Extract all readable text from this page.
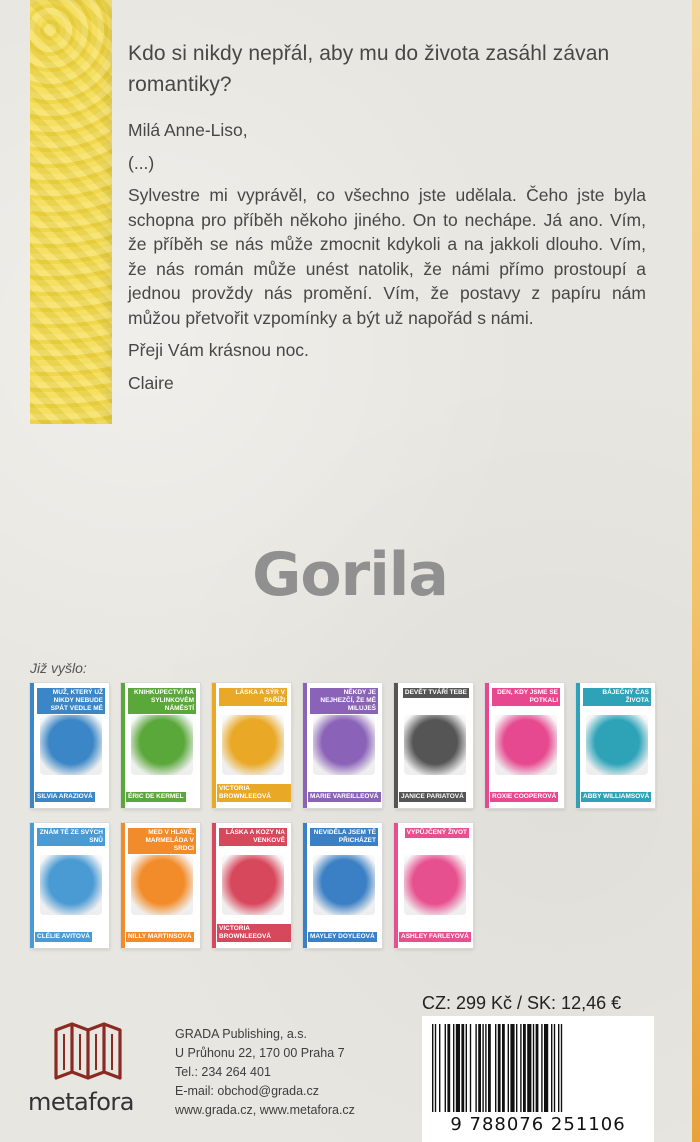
Kdo si nikdy nepřál, aby mu do života zasáhl závan romantiky?

Milá Anne-Liso,

(...)

Sylvestre mi vyprávěl, co všechno jste udělala. Čeho jste byla schopna pro příběh někoho jiného. On to nechápe. Já ano. Vím, že příběh se nás může zmocnit kdykoli a na jakkoli dlouho. Vím, že nás román může unést natolik, že námi přímo prostoupí a jednou provždy nás promění. Vím, že postavy z papíru nám můžou přetvořit vzpomínky a být už napořád s námi.

Přeji Vám krásnou noc.

Claire

Gorila
Již vyšlo:
MUŽ, KTERÝ UŽ NIKDY NEBUDE SPÁT VEDLE MĚ
SILVIA ARAZIOVÁ
KNIHKUPECTVÍ NA SYLINKOVÉM NÁMĚSTÍ
ÉRIC DE KERMEL
LÁSKA A SÝR V PAŘÍŽI
VICTORIA BROWNLEEOVÁ
NĚKDY JE NEJHEZČÍ, ŽE MĚ MILUJEŠ
MARIE VAREILLEOVÁ
DEVĚT TVÁŘÍ TEBE
JANICE PARIATOVÁ
DEN, KDY JSME SE POTKALI
ROXIE COOPEROVÁ
BÁJEČNÝ ČAS ŽIVOTA
ABBY WILLIAMSOVÁ
ZNÁM TĚ ZE SVÝCH SNŮ
CLÉLIE AVITOVÁ
MED V HLAVĚ, MARMELÁDA V SRDCI
NILLY MARTINSOVÁ
LÁSKA A KOZY NA VENKOVĚ
VICTORIA BROWNLEEOVÁ
NEVIDĚLA JSEM TĚ PŘICHÁZET
MAYLEY DOYLEOVÁ
VYPŮJČENÝ ŽIVOT
ASHLEY FARLEYOVÁ
CZ: 299 Kč / SK: 12,46 €
9 788076 251106
metafora
GRADA Publishing, a.s.
U Průhonu 22, 170 00 Praha 7
Tel.: 234 264 401
E-mail: obchod@grada.cz
www.grada.cz, www.metafora.cz
